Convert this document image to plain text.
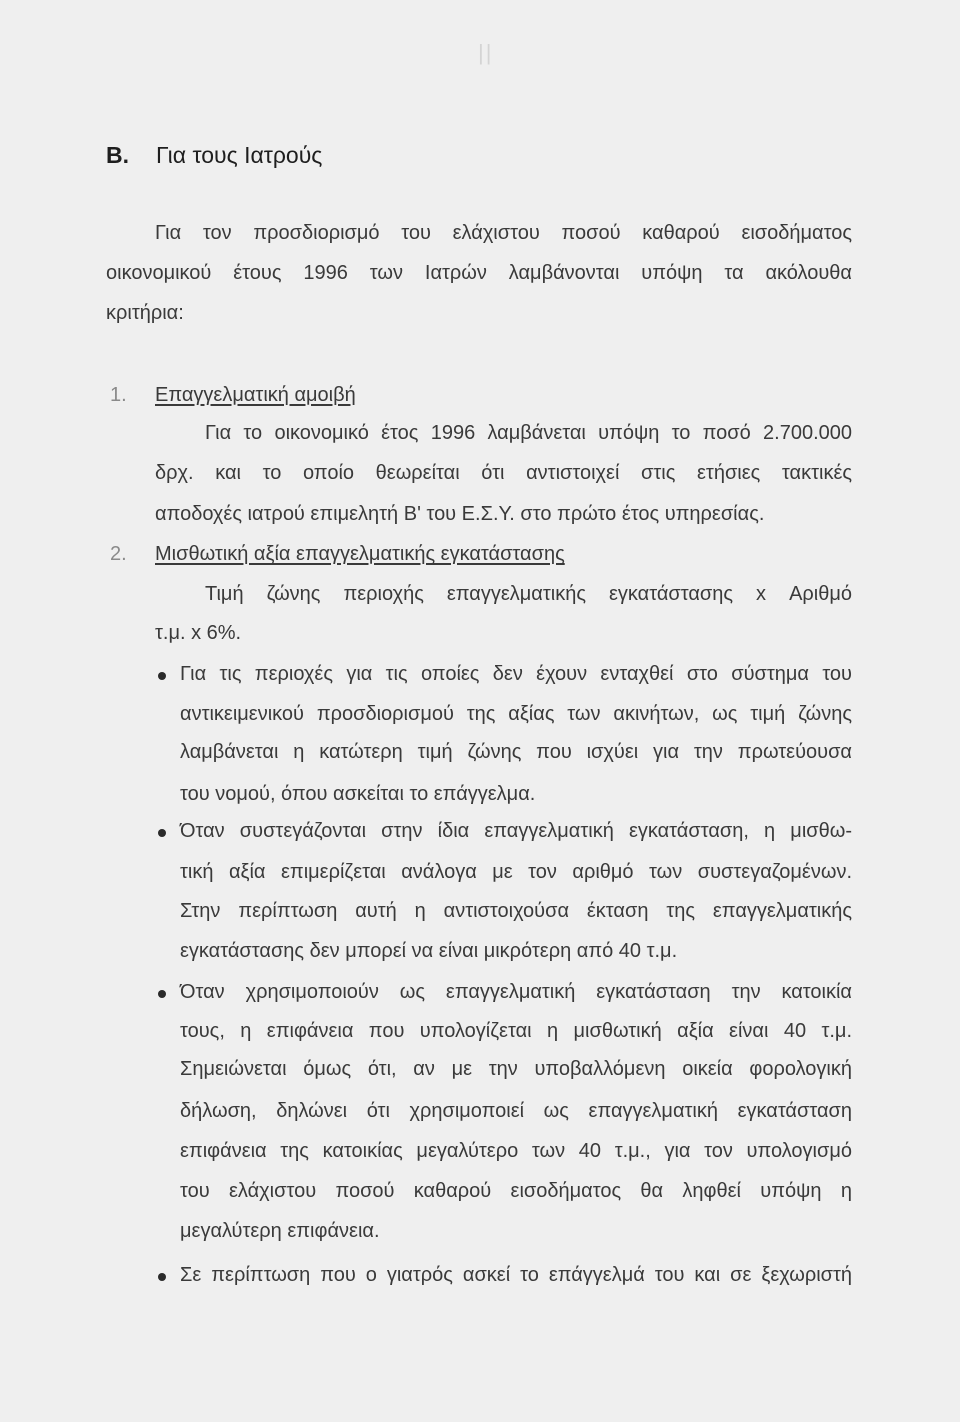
||
B. Για τους Ιατρούς
Για τον προσδιορισμό του ελάχιστου ποσού καθαρού εισοδήματος
οικονομικού έτους 1996 των Ιατρών λαμβάνονται υπόψη τα ακόλουθα
κριτήρια:
1. Επαγγελματική αμοιβή
Για το οικονομικό έτος 1996 λαμβάνεται υπόψη το ποσό 2.700.000
δρχ. και το οποίο θεωρείται ότι αντιστοιχεί στις ετήσιες τακτικές
αποδοχές ιατρού επιμελητή Β' του Ε.Σ.Υ. στο πρώτο έτος υπηρεσίας.
2. Μισθωτική αξία επαγγελματικής εγκατάστασης
Τιμή ζώνης περιοχής επαγγελματικής εγκατάστασης x Αριθμό
τ.μ. x 6%.
Για τις περιοχές για τις οποίες δεν έχουν ενταχθεί στο σύστημα του
αντικειμενικού προσδιορισμού της αξίας των ακινήτων, ως τιμή ζώνης
λαμβάνεται η κατώτερη τιμή ζώνης που ισχύει για την πρωτεύουσα
του νομού, όπου ασκείται το επάγγελμα.
Όταν συστεγάζονται στην ίδια επαγγελματική εγκατάσταση, η μισθω-
τική αξία επιμερίζεται ανάλογα με τον αριθμό των συστεγαζομένων.
Στην περίπτωση αυτή η αντιστοιχούσα έκταση της επαγγελματικής
εγκατάστασης δεν μπορεί να είναι μικρότερη από 40 τ.μ.
Όταν χρησιμοποιούν ως επαγγελματική εγκατάσταση την κατοικία
τους, η επιφάνεια που υπολογίζεται η μισθωτική αξία είναι 40 τ.μ.
Σημειώνεται όμως ότι, αν με την υποβαλλόμενη οικεία φορολογική
δήλωση, δηλώνει ότι χρησιμοποιεί ως επαγγελματική εγκατάσταση
επιφάνεια της κατοικίας μεγαλύτερο των 40 τ.μ., για τον υπολογισμό
του ελάχιστου ποσού καθαρού εισοδήματος θα ληφθεί υπόψη η
μεγαλύτερη επιφάνεια.
Σε περίπτωση που ο γιατρός ασκεί το επάγγελμά του και σε ξεχωριστή
